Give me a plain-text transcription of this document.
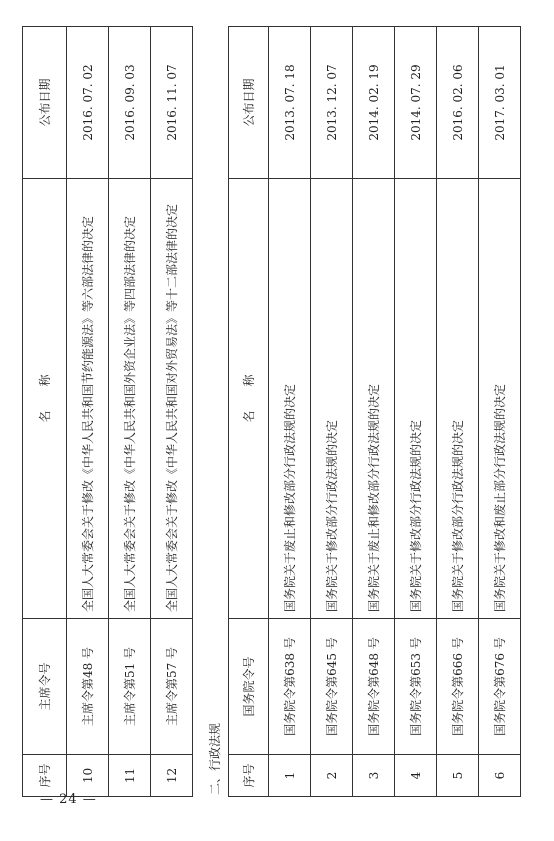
序号	主席令号	名　　称	公布日期
10	主席令第48 号	全国人大常委会关于修改《中华人民共和国节约能源法》等六部法律的决定	2016. 07. 02
11	主席令第51 号	全国人大常委会关于修改《中华人民共和国外资企业法》等四部法律的决定	2016. 09. 03
12	主席令第57 号	全国人大常委会关于修改《中华人民共和国对外贸易法》等十二部法律的决定	2016. 11. 07
二、行政法规 序号	国务院令号	名　　称	公布日期
1	国务院令第638 号	国务院关于废止和修改部分行政法规的决定	2013. 07. 18
2	国务院令第645 号	国务院关于修改部分行政法规的决定	2013. 12. 07
3	国务院令第648 号	国务院关于废止和修改部分行政法规的决定	2014. 02. 19
4	国务院令第653 号	国务院关于修改部分行政法规的决定	2014. 07. 29
5	国务院令第666 号	国务院关于修改部分行政法规的决定	2016. 02. 06
6	国务院令第676 号	国务院关于修改和废止部分行政法规的决定	2017. 03. 01
— 24 —
